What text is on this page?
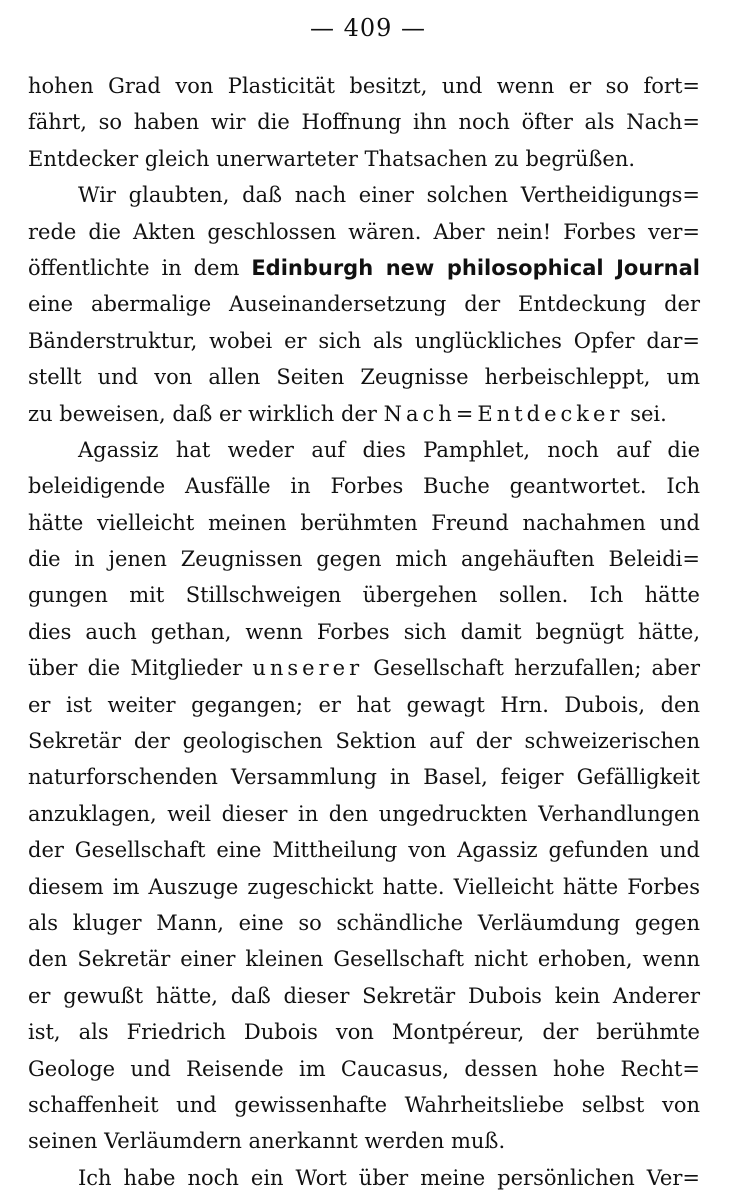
— 409 —
hohen Grad von Plasticität besitzt, und wenn er so fort=
fährt, so haben wir die Hoffnung ihn noch öfter als Nach=
Entdecker gleich unerwarteter Thatsachen zu begrüßen.
Wir glaubten, daß nach einer solchen Vertheidigungs=
rede die Akten geschlossen wären. Aber nein! Forbes ver=
öffentlichte in dem Edinburgh new philosophical Journal
eine abermalige Auseinandersetzung der Entdeckung der
Bänderstruktur, wobei er sich als unglückliches Opfer dar=
stellt und von allen Seiten Zeugnisse herbeischleppt, um
zu beweisen, daß er wirklich der Nach=Entdecker sei.
Agassiz hat weder auf dies Pamphlet, noch auf die
beleidigende Ausfälle in Forbes Buche geantwortet. Ich
hätte vielleicht meinen berühmten Freund nachahmen und
die in jenen Zeugnissen gegen mich angehäuften Beleidi=
gungen mit Stillschweigen übergehen sollen. Ich hätte
dies auch gethan, wenn Forbes sich damit begnügt hätte,
über die Mitglieder unserer Gesellschaft herzufallen; aber
er ist weiter gegangen; er hat gewagt Hrn. Dubois, den
Sekretär der geologischen Sektion auf der schweizerischen
naturforschenden Versammlung in Basel, feiger Gefälligkeit
anzuklagen, weil dieser in den ungedruckten Verhandlungen
der Gesellschaft eine Mittheilung von Agassiz gefunden und
diesem im Auszuge zugeschickt hatte. Vielleicht hätte Forbes
als kluger Mann, eine so schändliche Verläumdung gegen
den Sekretär einer kleinen Gesellschaft nicht erhoben, wenn
er gewußt hätte, daß dieser Sekretär Dubois kein Anderer
ist, als Friedrich Dubois von Montpéreur, der berühmte
Geologe und Reisende im Caucasus, dessen hohe Recht=
schaffenheit und gewissenhafte Wahrheitsliebe selbst von
seinen Verläumdern anerkannt werden muß.
Ich habe noch ein Wort über meine persönlichen Ver=
